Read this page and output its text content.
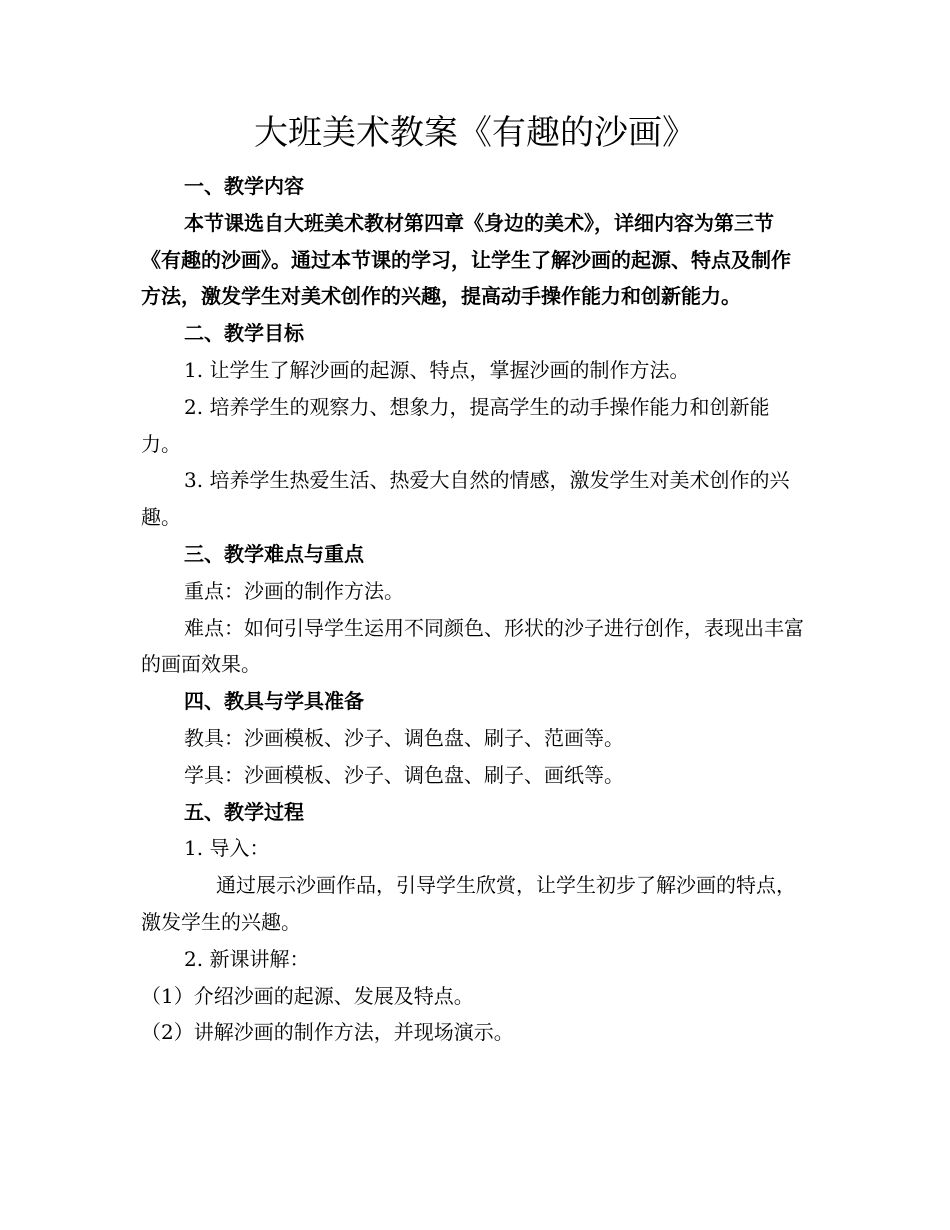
大班美术教案《有趣的沙画》

一、教学内容

本节课选自大班美术教材第四章《身边的美术》，详细内容为第三节《有趣的沙画》。通过本节课的学习，让学生了解沙画的起源、特点及制作方法，激发学生对美术创作的兴趣，提高动手操作能力和创新能力。

二、教学目标

1. 让学生了解沙画的起源、特点，掌握沙画的制作方法。

2. 培养学生的观察力、想象力，提高学生的动手操作能力和创新能力。

3. 培养学生热爱生活、热爱大自然的情感，激发学生对美术创作的兴趣。

三、教学难点与重点

重点：沙画的制作方法。

难点：如何引导学生运用不同颜色、形状的沙子进行创作，表现出丰富的画面效果。

四、教具与学具准备

教具：沙画模板、沙子、调色盘、刷子、范画等。

学具：沙画模板、沙子、调色盘、刷子、画纸等。

五、教学过程

1. 导入：

通过展示沙画作品，引导学生欣赏，让学生初步了解沙画的特点，激发学生的兴趣。

2. 新课讲解：

（1）介绍沙画的起源、发展及特点。

（2）讲解沙画的制作方法，并现场演示。
